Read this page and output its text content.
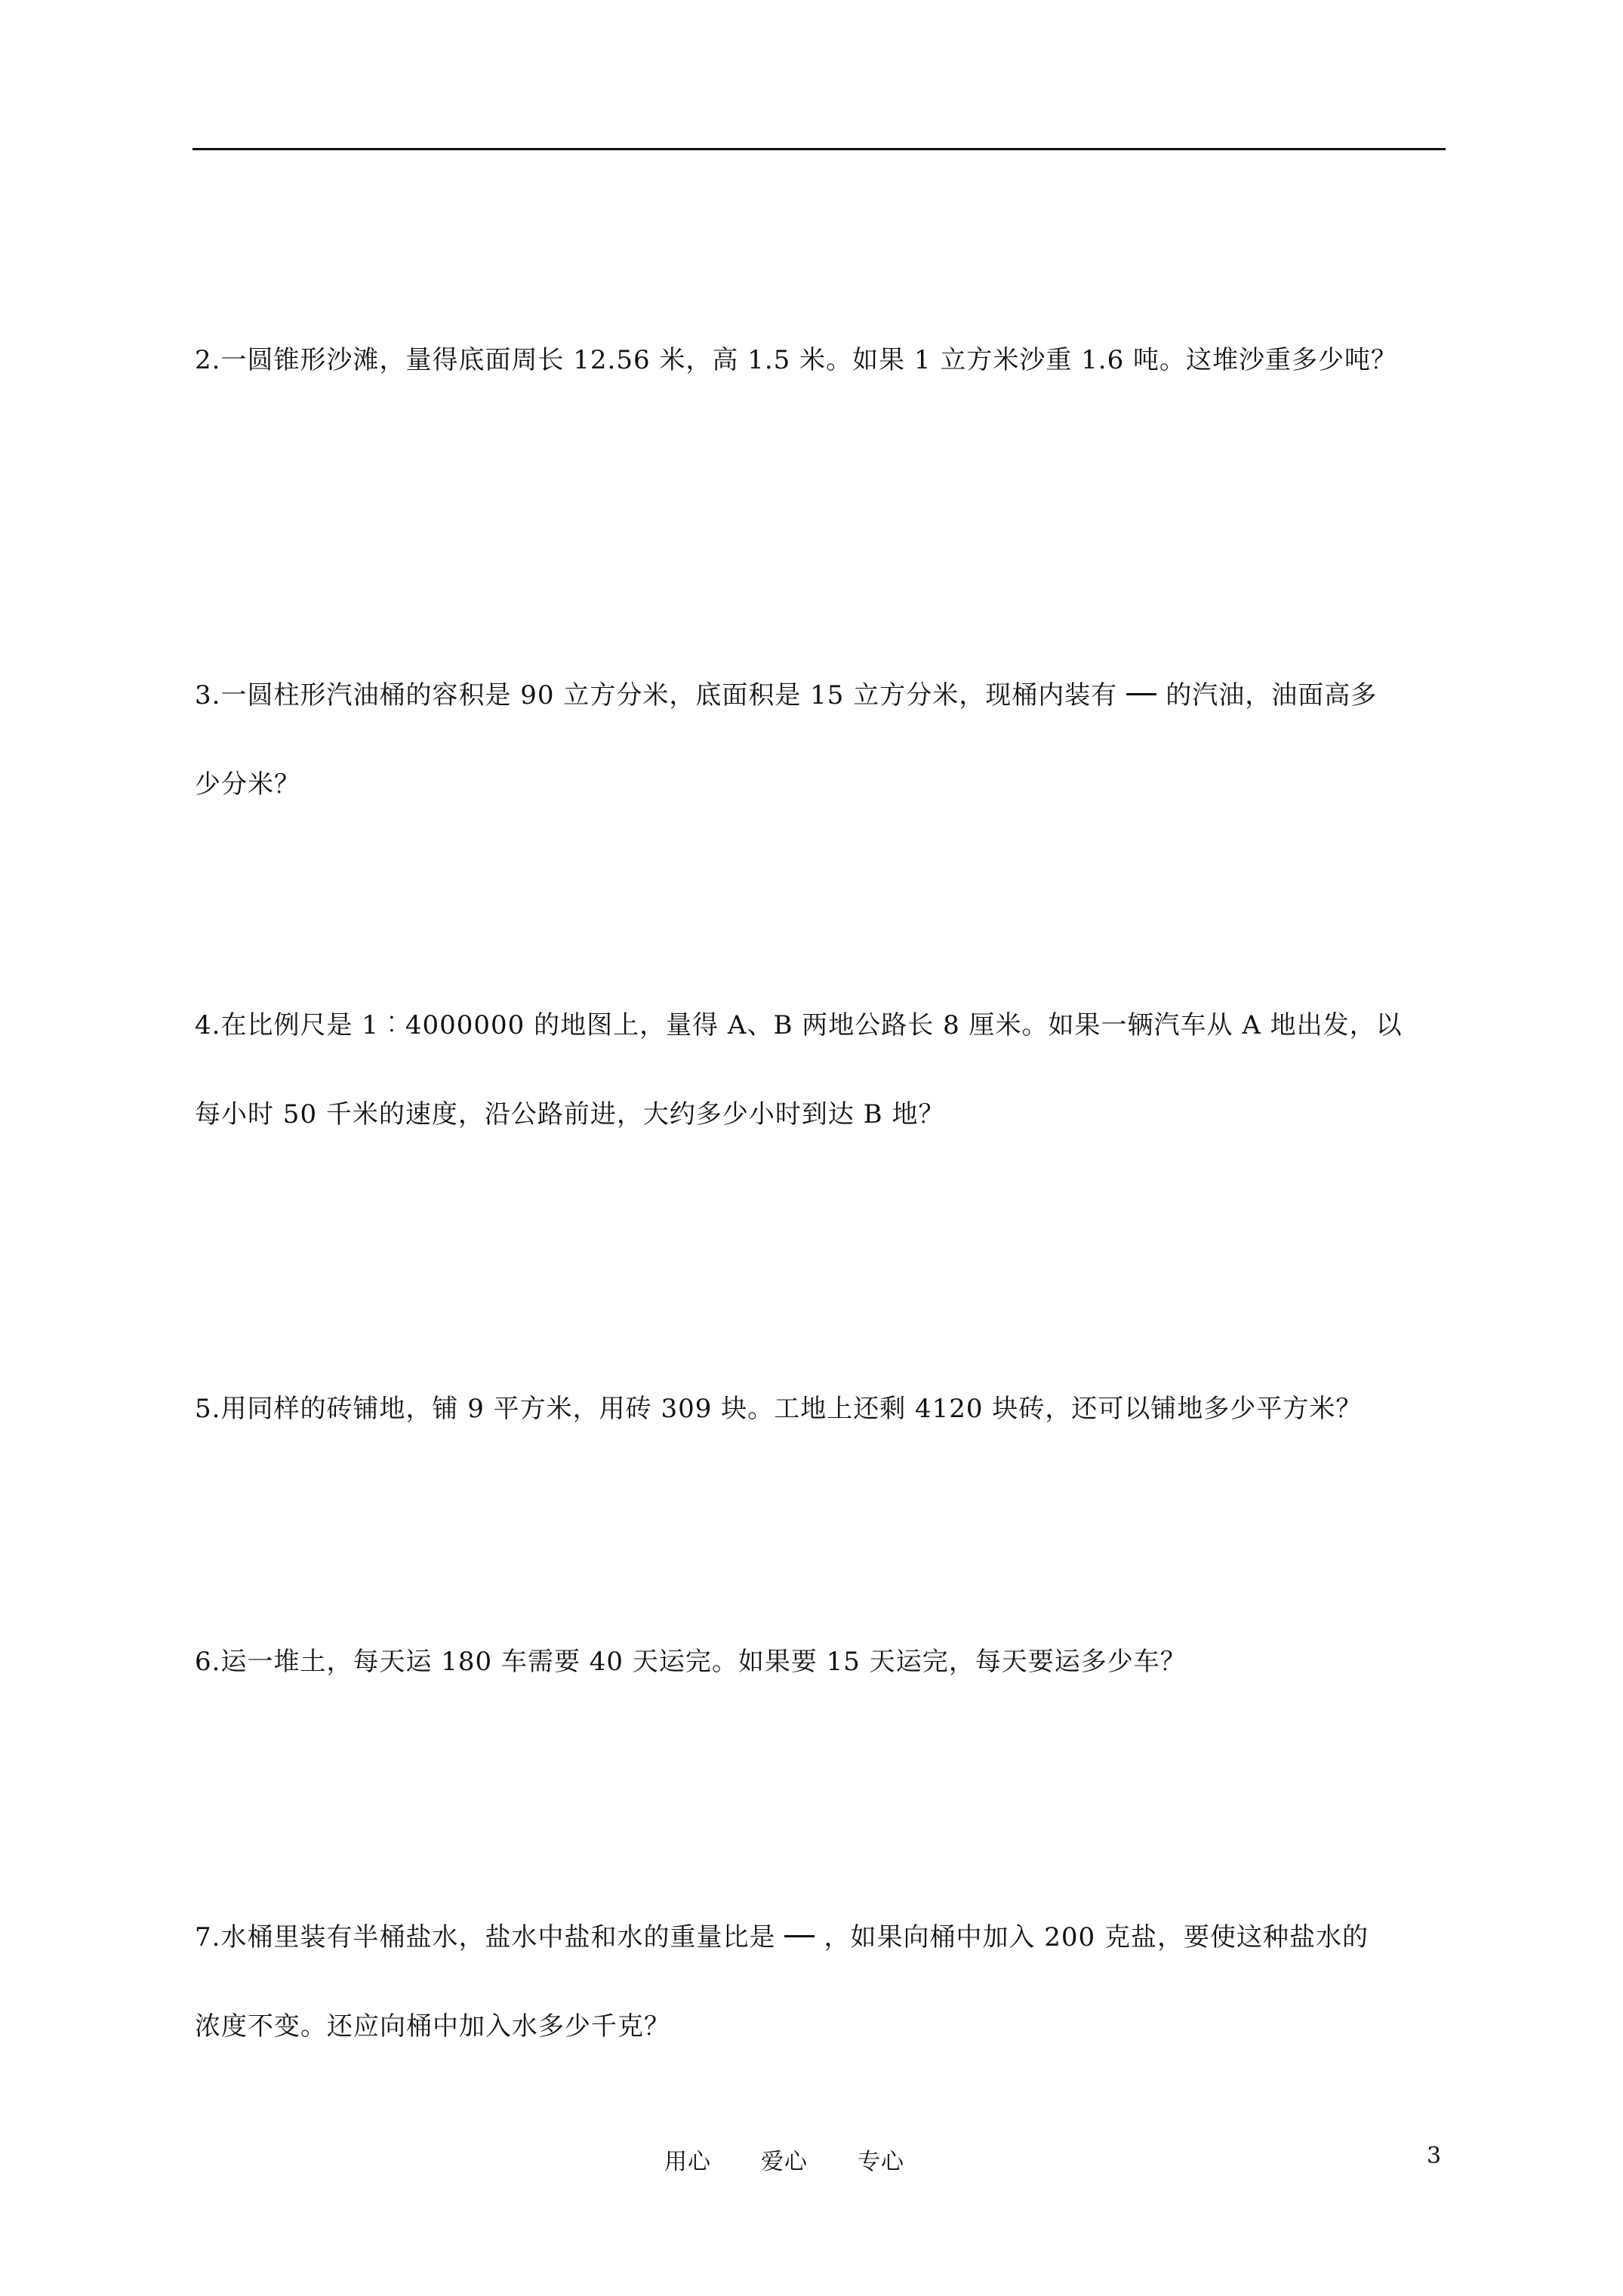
2.一圆锥形沙滩，量得底面周长 12.56 米，高 1.5 米。如果 1 立方米沙重 1.6 吨。这堆沙重多少吨？
3.一圆柱形汽油桶的容积是 90 立方分米，底面积是 15 立方分米，现桶内装有 的汽油，油面高多
少分米？
4.在比例尺是 1︰4000000 的地图上，量得 A、B 两地公路长 8 厘米。如果一辆汽车从 A 地出发，以
每小时 50 千米的速度，沿公路前进，大约多少小时到达 B 地？
5.用同样的砖铺地，铺 9 平方米，用砖 309 块。工地上还剩 4120 块砖，还可以铺地多少平方米？
6.运一堆土，每天运 180 车需要 40 天运完。如果要 15 天运完，每天要运多少车？
7.水桶里装有半桶盐水，盐水中盐和水的重量比是 ，如果向桶中加入 200 克盐，要使这种盐水的
浓度不变。还应向桶中加入水多少千克？
用心 爱心 专心	3
